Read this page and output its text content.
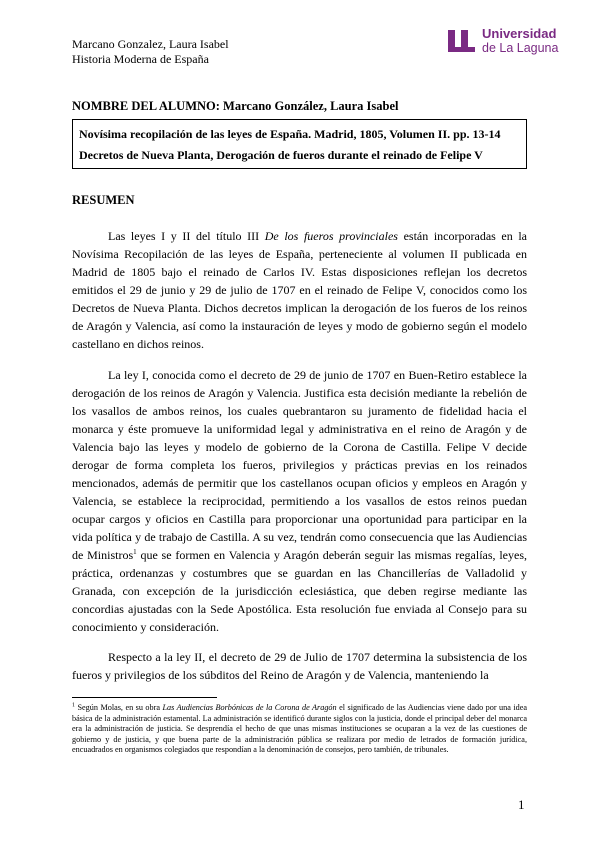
Marcano Gonzalez, Laura Isabel
Historia Moderna de España
Universidad
de La Laguna
NOMBRE DEL ALUMNO: Marcano González, Laura Isabel
Novísima recopilación de las leyes de España. Madrid, 1805, Volumen II. pp. 13-14
Decretos de Nueva Planta, Derogación de fueros durante el reinado de Felipe V
RESUMEN

Las leyes I y II del título III De los fueros provinciales están incorporadas en la Novísima Recopilación de las leyes de España, perteneciente al volumen II publicada en Madrid de 1805 bajo el reinado de Carlos IV. Estas disposiciones reflejan los decretos emitidos el 29 de junio y 29 de julio de 1707 en el reinado de Felipe V, conocidos como los Decretos de Nueva Planta. Dichos decretos implican la derogación de los fueros de los reinos de Aragón y Valencia, así como la instauración de leyes y modo de gobierno según el modelo castellano en dichos reinos.

La ley I, conocida como el decreto de 29 de junio de 1707 en Buen-Retiro establece la derogación de los reinos de Aragón y Valencia. Justifica esta decisión mediante la rebelión de los vasallos de ambos reinos, los cuales quebrantaron su juramento de fidelidad hacia el monarca y éste promueve la uniformidad legal y administrativa en el reino de Aragón y de Valencia bajo las leyes y modelo de gobierno de la Corona de Castilla. Felipe V decide derogar de forma completa los fueros, privilegios y prácticas previas en los reinados mencionados, además de permitir que los castellanos ocupan oficios y empleos en Aragón y Valencia, se establece la reciprocidad, permitiendo a los vasallos de estos reinos puedan ocupar cargos y oficios en Castilla para proporcionar una oportunidad para participar en la vida política y de trabajo de Castilla. A su vez, tendrán como consecuencia que las Audiencias de Ministros$^1$ que se formen en Valencia y Aragón deberán seguir las mismas regalías, leyes, práctica, ordenanzas y costumbres que se guardan en las Chancillerías de Valladolid y Granada, con excepción de la jurisdicción eclesiástica, que deben regirse mediante las concordias ajustadas con la Sede Apostólica. Esta resolución fue enviada al Consejo para su conocimiento y consideración.

Respecto a la ley II, el decreto de 29 de Julio de 1707 determina la subsistencia de los fueros y privilegios de los súbditos del Reino de Aragón y de Valencia, manteniendo la

$^1$ Según Molas, en su obra Las Audiencias Borbónicas de la Corona de Aragón el significado de las Audiencias viene dado por una idea básica de la administración estamental. La administración se identificó durante siglos con la justicia, donde el principal deber del monarca era la administración de justicia. Se desprendía el hecho de que unas mismas instituciones se ocuparan a la vez de las cuestiones de gobierno y de justicia, y que buena parte de la administración pública se realizara por medio de letrados de formación jurídica, encuadrados en organismos colegiados que respondían a la denominación de consejos, pero también, de tribunales.

1
